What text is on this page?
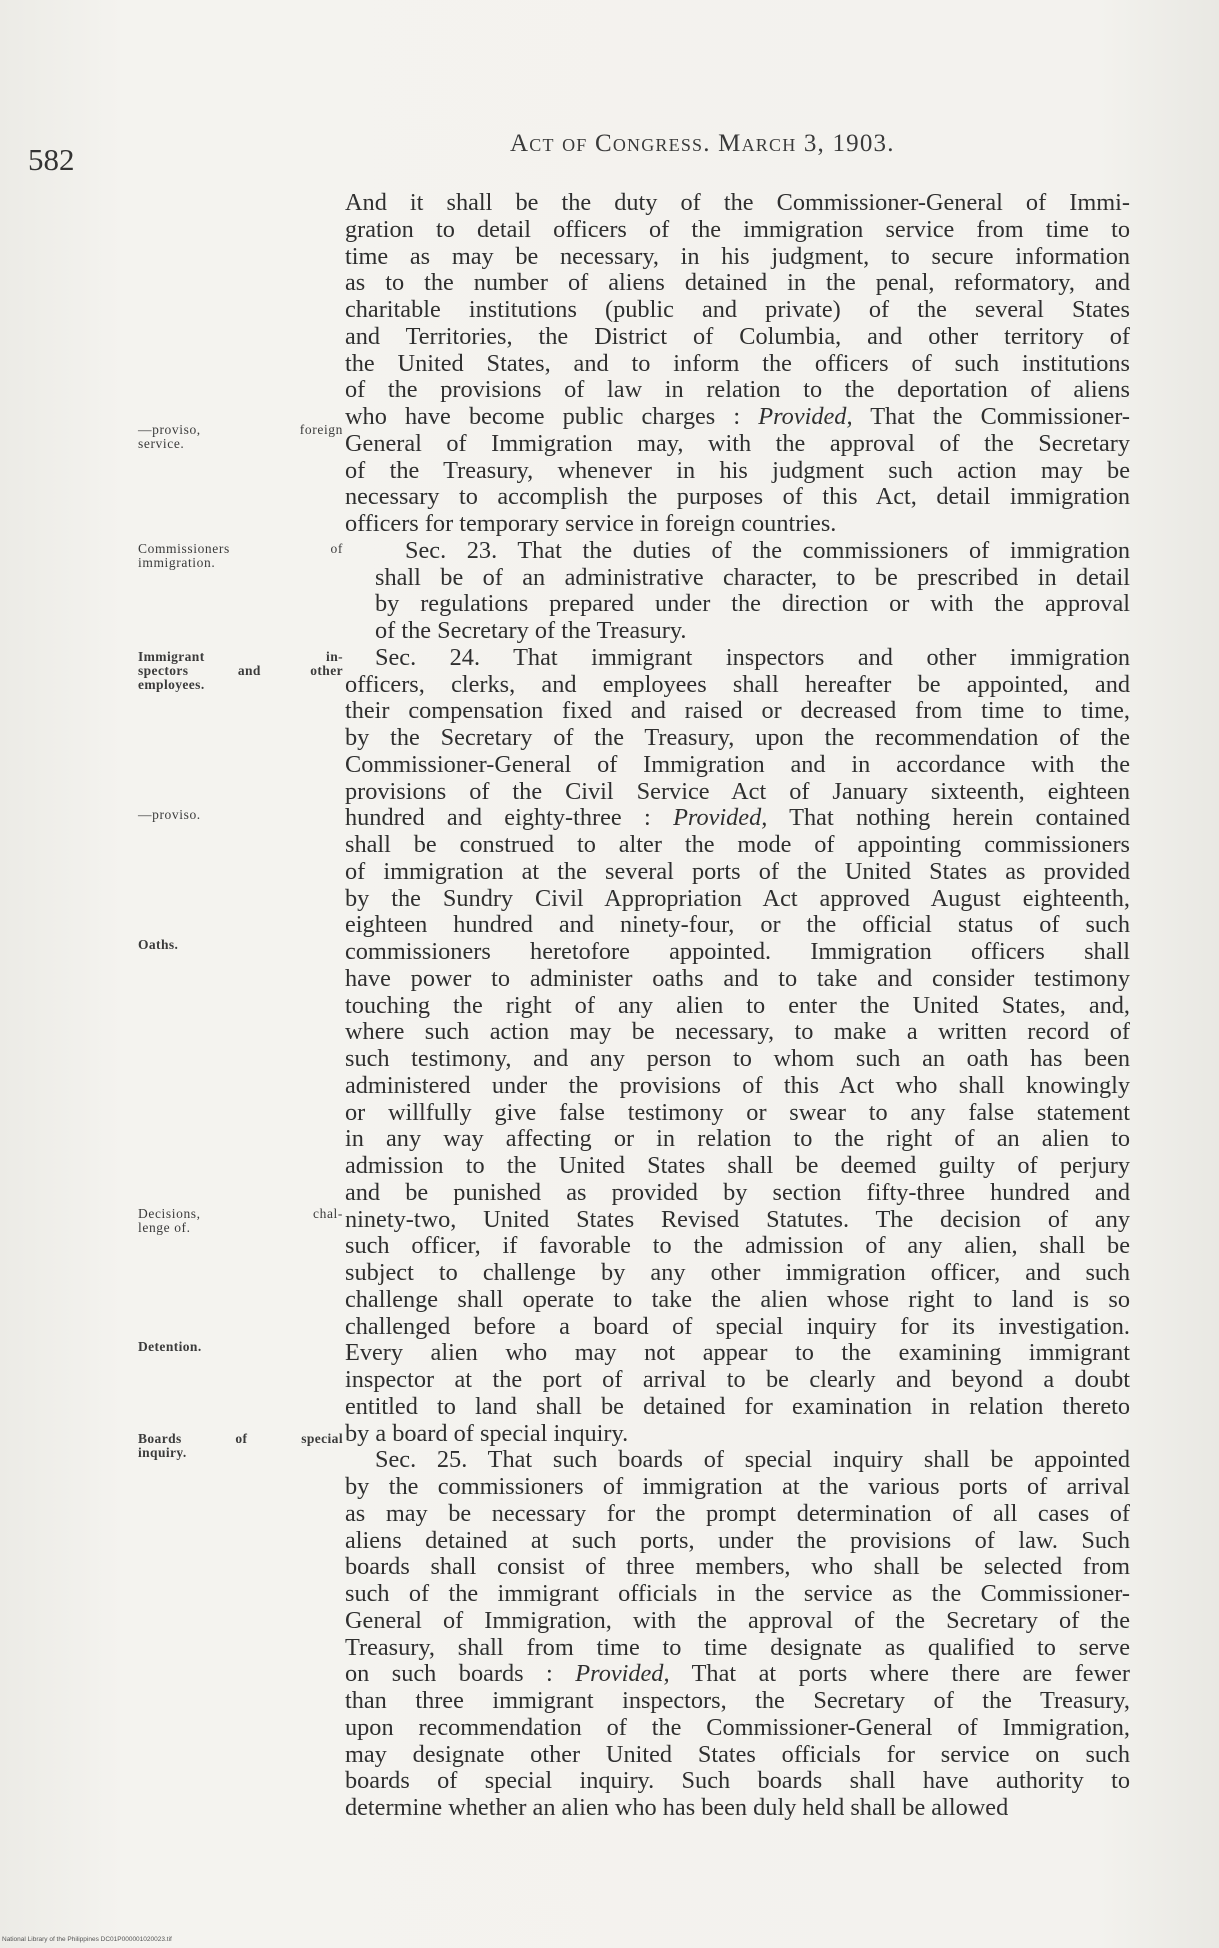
582	Act of Congress. March 3, 1903.
—proviso, foreign
service.
Commissioners of
immigration.
Immigrant in-
spectors and other
employees.
—proviso.
Oaths.
Decisions, chal-
lenge of.
Detention.
Boards of special
inquiry.

And it shall be the duty of the Commissioner-General of Immi-
gration to detail officers of the immigration service from time to
time as may be necessary, in his judgment, to secure information
as to the number of aliens detained in the penal, reformatory, and
charitable institutions (public and private) of the several States
and Territories, the District of Columbia, and other territory of
the United States, and to inform the officers of such institutions
of the provisions of law in relation to the deportation of aliens
who have become public charges : Provided, That the Commissioner-
General of Immigration may, with the approval of the Secretary
of the Treasury, whenever in his judgment such action may be
necessary to accomplish the purposes of this Act, detail immigration
officers for temporary service in foreign countries.

Sec. 23. That the duties of the commissioners of immigration
shall be of an administrative character, to be prescribed in detail
by regulations prepared under the direction or with the approval
of the Secretary of the Treasury.

Sec. 24. That immigrant inspectors and other immigration
officers, clerks, and employees shall hereafter be appointed, and
their compensation fixed and raised or decreased from time to time,
by the Secretary of the Treasury, upon the recommendation of the
Commissioner-General of Immigration and in accordance with the
provisions of the Civil Service Act of January sixteenth, eighteen
hundred and eighty-three : Provided, That nothing herein contained
shall be construed to alter the mode of appointing commissioners
of immigration at the several ports of the United States as provided
by the Sundry Civil Appropriation Act approved August eighteenth,
eighteen hundred and ninety-four, or the official status of such
commissioners heretofore appointed. Immigration officers shall
have power to administer oaths and to take and consider testimony
touching the right of any alien to enter the United States, and,
where such action may be necessary, to make a written record of
such testimony, and any person to whom such an oath has been
administered under the provisions of this Act who shall knowingly
or willfully give false testimony or swear to any false statement
in any way affecting or in relation to the right of an alien to
admission to the United States shall be deemed guilty of perjury
and be punished as provided by section fifty-three hundred and
ninety-two, United States Revised Statutes. The decision of any
such officer, if favorable to the admission of any alien, shall be
subject to challenge by any other immigration officer, and such
challenge shall operate to take the alien whose right to land is so
challenged before a board of special inquiry for its investigation.
Every alien who may not appear to the examining immigrant
inspector at the port of arrival to be clearly and beyond a doubt
entitled to land shall be detained for examination in relation thereto
by a board of special inquiry.

Sec. 25. That such boards of special inquiry shall be appointed
by the commissioners of immigration at the various ports of arrival
as may be necessary for the prompt determination of all cases of
aliens detained at such ports, under the provisions of law. Such
boards shall consist of three members, who shall be selected from
such of the immigrant officials in the service as the Commissioner-
General of Immigration, with the approval of the Secretary of the
Treasury, shall from time to time designate as qualified to serve
on such boards : Provided, That at ports where there are fewer
than three immigrant inspectors, the Secretary of the Treasury,
upon recommendation of the Commissioner-General of Immigration,
may designate other United States officials for service on such
boards of special inquiry. Such boards shall have authority to
determine whether an alien who has been duly held shall be allowed

National Library of the Philippines DC01P000001020023.tif
